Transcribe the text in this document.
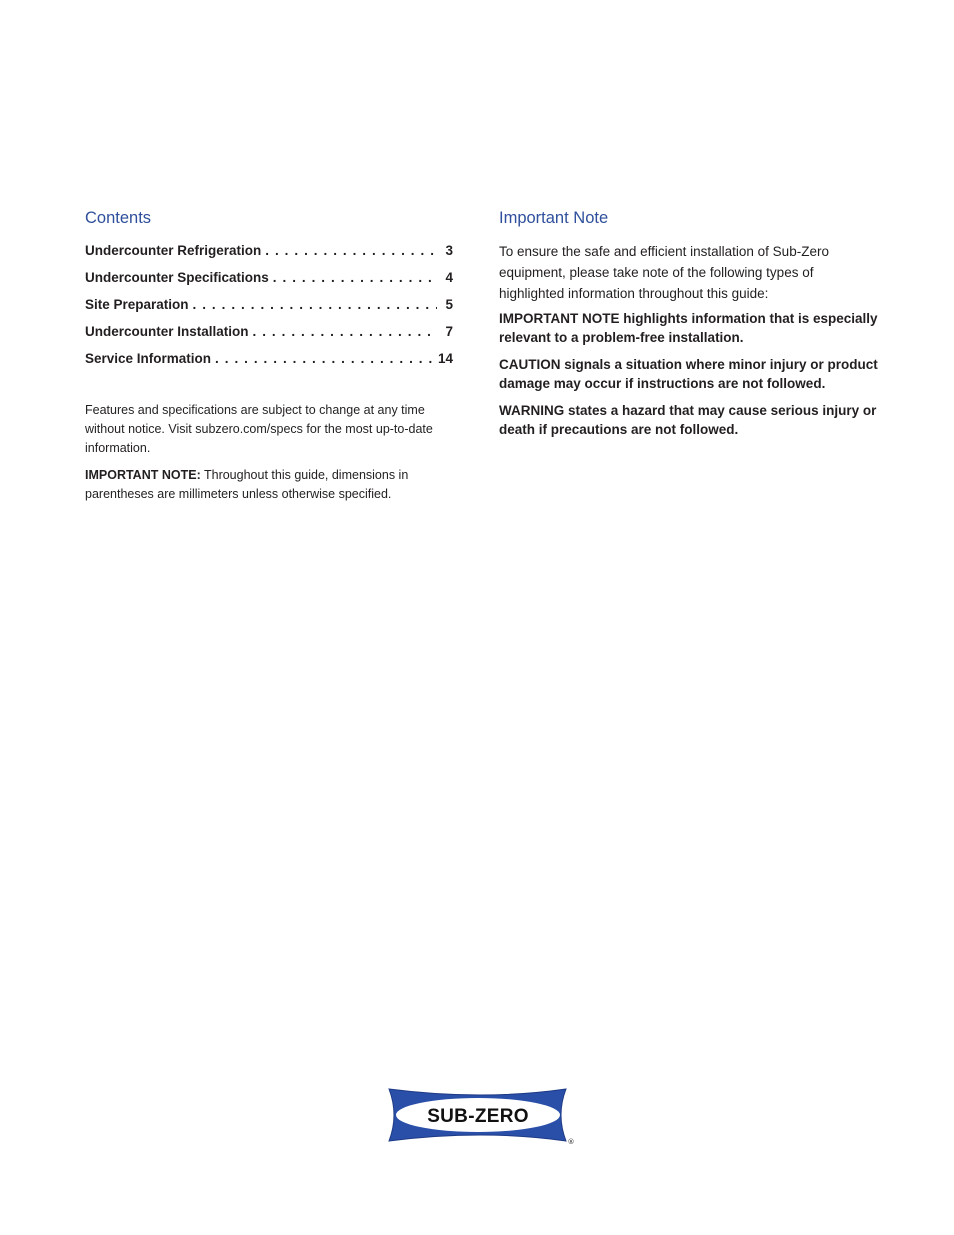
Contents
Undercounter Refrigeration . . .	3
Undercounter Specifications . . .	4
Site Preparation . . .	5
Undercounter Installation . . .	7
Service Information . . .	14

Features and specifications are subject to change at any time without notice. Visit subzero.com/specs for the most up-to-date information.

IMPORTANT NOTE: Throughout this guide, dimensions in parentheses are millimeters unless otherwise specified.

Important Note

To ensure the safe and efficient installation of Sub-Zero equipment, please take note of the following types of highlighted information throughout this guide:

IMPORTANT NOTE highlights information that is especially relevant to a problem-free installation.

CAUTION signals a situation where minor injury or product damage may occur if instructions are not followed.

WARNING states a hazard that may cause serious injury or death if precautions are not followed.

SUB-ZERO
®
